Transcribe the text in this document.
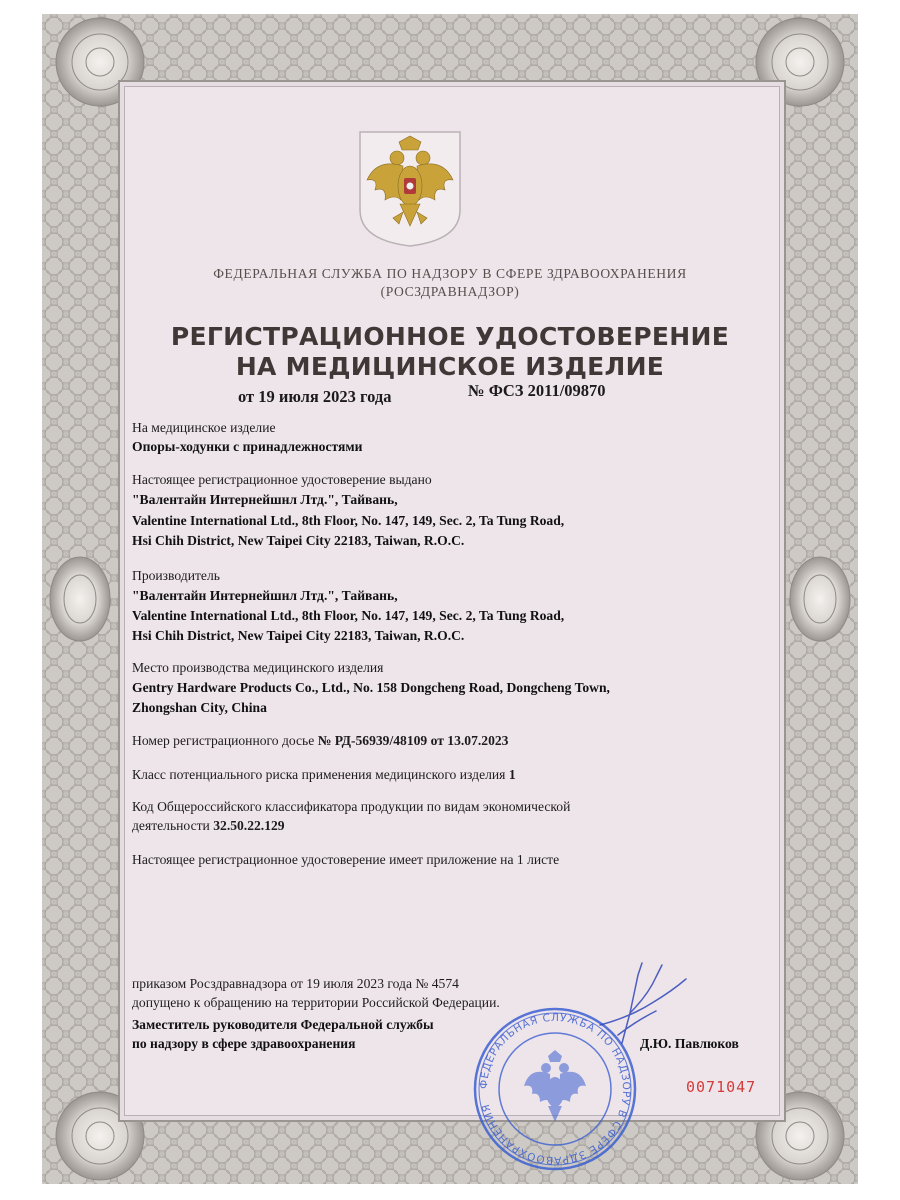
ФЕДЕРАЛЬНАЯ СЛУЖБА ПО НАДЗОРУ В СФЕРЕ ЗДРАВООХРАНЕНИЯ
(РОСЗДРАВНАДЗОР)
РЕГИСТРАЦИОННОЕ УДОСТОВЕРЕНИЕ
НА МЕДИЦИНСКОЕ ИЗДЕЛИЕ
от 19 июля 2023 года	№ ФСЗ 2011/09870
На медицинское изделие
Опоры-ходунки с принадлежностями
Настоящее регистрационное удостоверение выдано
"Валентайн Интернейшнл Лтд.", Тайвань,
Valentine International Ltd., 8th Floor, No. 147, 149, Sec. 2, Ta Tung Road,
Hsi Chih District, New Taipei City 22183, Taiwan, R.O.C.
Производитель
"Валентайн Интернейшнл Лтд.", Тайвань,
Valentine International Ltd., 8th Floor, No. 147, 149, Sec. 2, Ta Tung Road,
Hsi Chih District, New Taipei City 22183, Taiwan, R.O.C.
Место производства медицинского изделия
Gentry Hardware Products Co., Ltd., No. 158 Dongcheng Road, Dongcheng Town,
Zhongshan City, China
Номер регистрационного досье № РД-56939/48109 от 13.07.2023
Класс потенциального риска применения медицинского изделия 1
Код Общероссийского классификатора продукции по видам экономической
деятельности 32.50.22.129
Настоящее регистрационное удостоверение имеет приложение на 1 листе
приказом Росздравнадзора от 19 июля 2023 года № 4574
допущено к обращению на территории Российской Федерации.
Заместитель руководителя Федеральной службы
по надзору в сфере здравоохранения	Д.Ю. Павлюков
ФЕДЕРАЛЬНАЯ СЛУЖБА ПО НАДЗОРУ В СФЕРЕ ЗДРАВООХРАНЕНИЯ
0071047
